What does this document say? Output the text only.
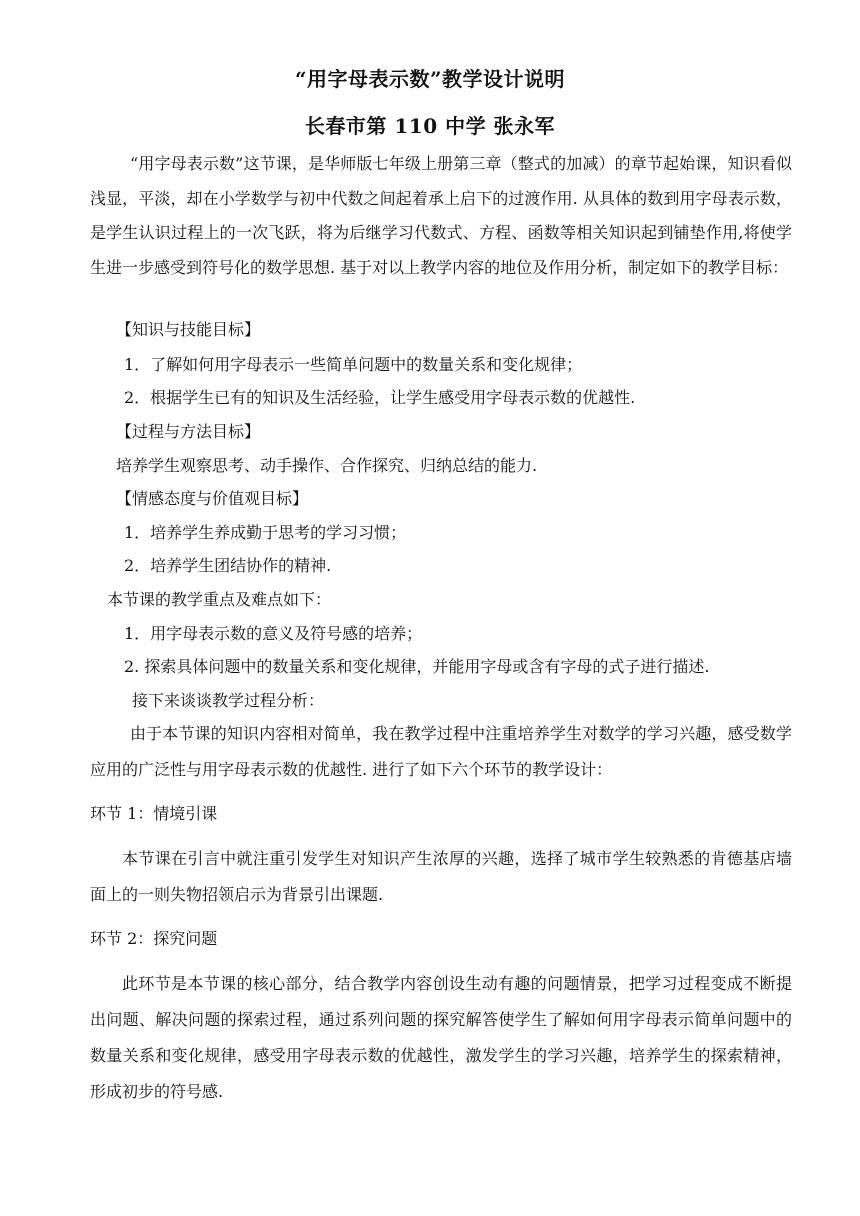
“用字母表示数”教学设计说明
长春市第 110 中学 张永军
“用字母表示数”这节课，是华师版七年级上册第三章（整式的加减）的章节起始课，知识看似浅显，平淡，却在小学数学与初中代数之间起着承上启下的过渡作用. 从具体的数到用字母表示数，是学生认识过程上的一次飞跃，将为后继学习代数式、方程、函数等相关知识起到铺垫作用,将使学生进一步感受到符号化的数学思想. 基于对以上教学内容的地位及作用分析，制定如下的教学目标：
【知识与技能目标】
1．了解如何用字母表示一些简单问题中的数量关系和变化规律；
2．根据学生已有的知识及生活经验，让学生感受用字母表示数的优越性.
【过程与方法目标】
培养学生观察思考、动手操作、合作探究、归纳总结的能力.
【情感态度与价值观目标】
1．培养学生养成勤于思考的学习习惯；
2．培养学生团结协作的精神.
本节课的教学重点及难点如下：
1．用字母表示数的意义及符号感的培养；
2. 探索具体问题中的数量关系和变化规律，并能用字母或含有字母的式子进行描述.
接下来谈谈教学过程分析：
由于本节课的知识内容相对简单，我在教学过程中注重培养学生对数学的学习兴趣，感受数学应用的广泛性与用字母表示数的优越性. 进行了如下六个环节的教学设计：
环节 1：情境引课
本节课在引言中就注重引发学生对知识产生浓厚的兴趣，选择了城市学生较熟悉的肯德基店墙面上的一则失物招领启示为背景引出课题.
环节 2：探究问题
此环节是本节课的核心部分，结合教学内容创设生动有趣的问题情景，把学习过程变成不断提出问题、解决问题的探索过程，通过系列问题的探究解答使学生了解如何用字母表示简单问题中的数量关系和变化规律，感受用字母表示数的优越性，激发学生的学习兴趣，培养学生的探索精神，形成初步的符号感.
